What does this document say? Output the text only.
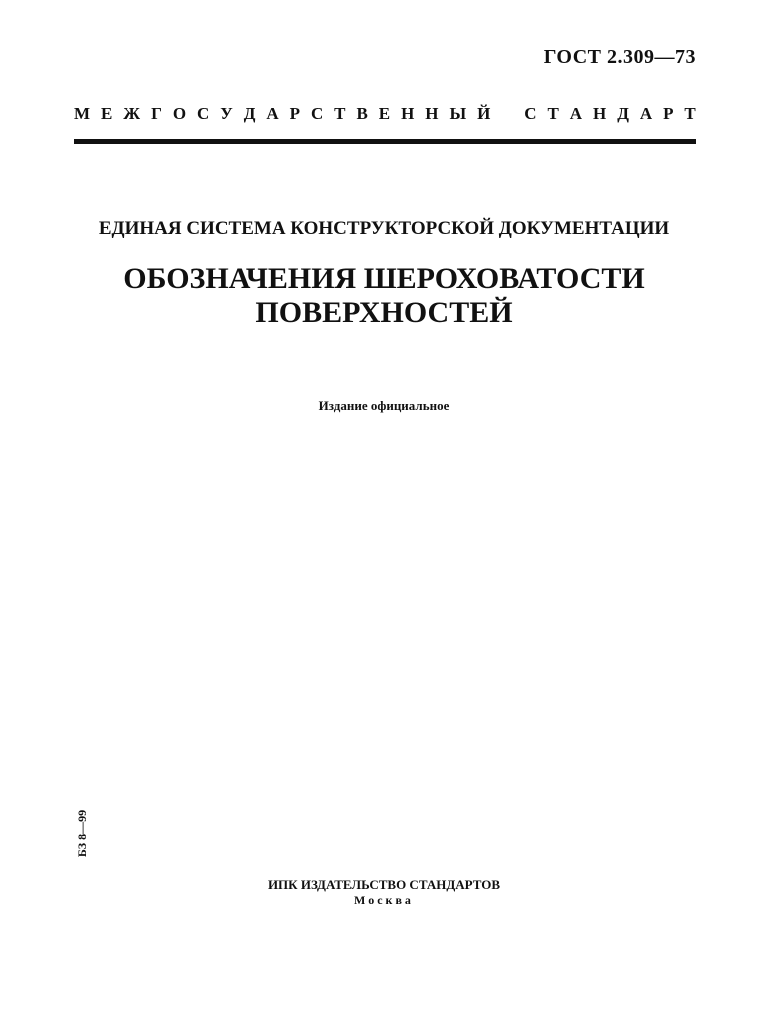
ГОСТ 2.309—73
М Е Ж Г О С У Д А Р С Т В Е Н Н Ы Й С Т А Н Д А Р Т
ЕДИНАЯ СИСТЕМА КОНСТРУКТОРСКОЙ ДОКУМЕНТАЦИИ
ОБОЗНАЧЕНИЯ ШЕРОХОВАТОСТИ
ПОВЕРХНОСТЕЙ
Издание официальное
БЗ 8—99
ИПК ИЗДАТЕЛЬСТВО СТАНДАРТОВ
Москва
